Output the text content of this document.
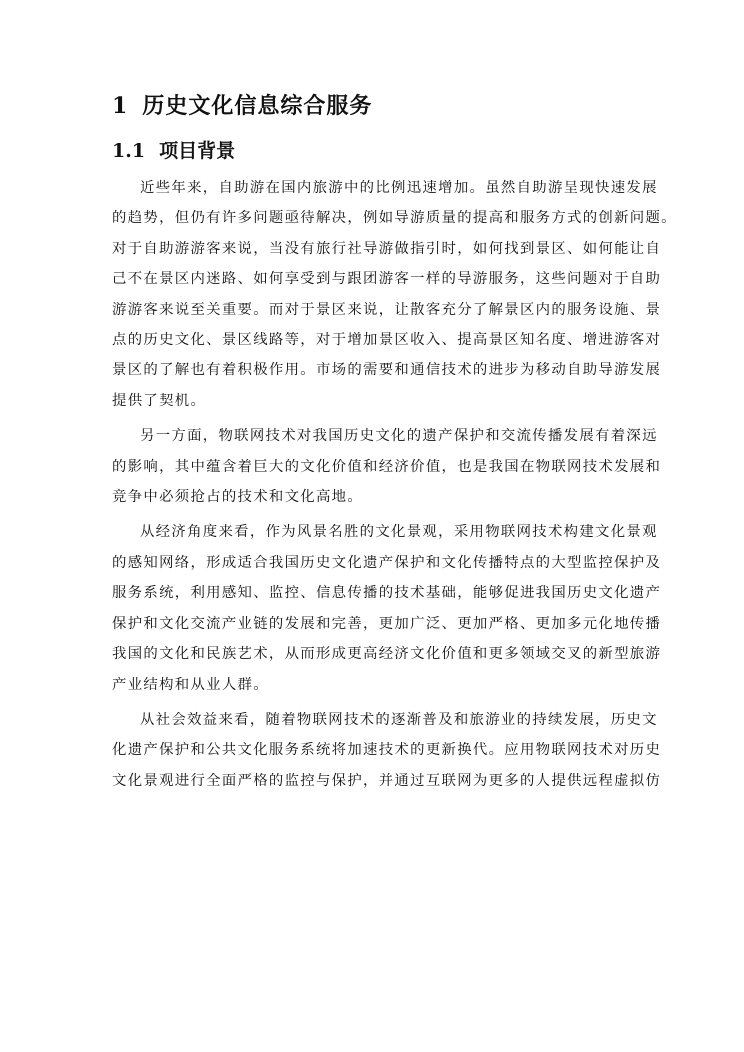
1 历史文化信息综合服务
1.1 项目背景

近些年来，自助游在国内旅游中的比例迅速增加。虽然自助游呈现快速发展
的趋势，但仍有许多问题亟待解决，例如导游质量的提高和服务方式的创新问题。
对于自助游游客来说，当没有旅行社导游做指引时，如何找到景区、如何能让自
己不在景区内迷路、如何享受到与跟团游客一样的导游服务，这些问题对于自助
游游客来说至关重要。而对于景区来说，让散客充分了解景区内的服务设施、景
点的历史文化、景区线路等，对于增加景区收入、提高景区知名度、增进游客对
景区的了解也有着积极作用。市场的需要和通信技术的进步为移动自助导游发展
提供了契机。

另一方面，物联网技术对我国历史文化的遗产保护和交流传播发展有着深远
的影响，其中蕴含着巨大的文化价值和经济价值，也是我国在物联网技术发展和
竞争中必须抢占的技术和文化高地。

从经济角度来看，作为风景名胜的文化景观，采用物联网技术构建文化景观
的感知网络，形成适合我国历史文化遗产保护和文化传播特点的大型监控保护及
服务系统，利用感知、监控、信息传播的技术基础，能够促进我国历史文化遗产
保护和文化交流产业链的发展和完善，更加广泛、更加严格、更加多元化地传播
我国的文化和民族艺术，从而形成更高经济文化价值和更多领域交叉的新型旅游
产业结构和从业人群。

从社会效益来看，随着物联网技术的逐渐普及和旅游业的持续发展，历史文
化遗产保护和公共文化服务系统将加速技术的更新换代。应用物联网技术对历史
文化景观进行全面严格的监控与保护，并通过互联网为更多的人提供远程虚拟仿
